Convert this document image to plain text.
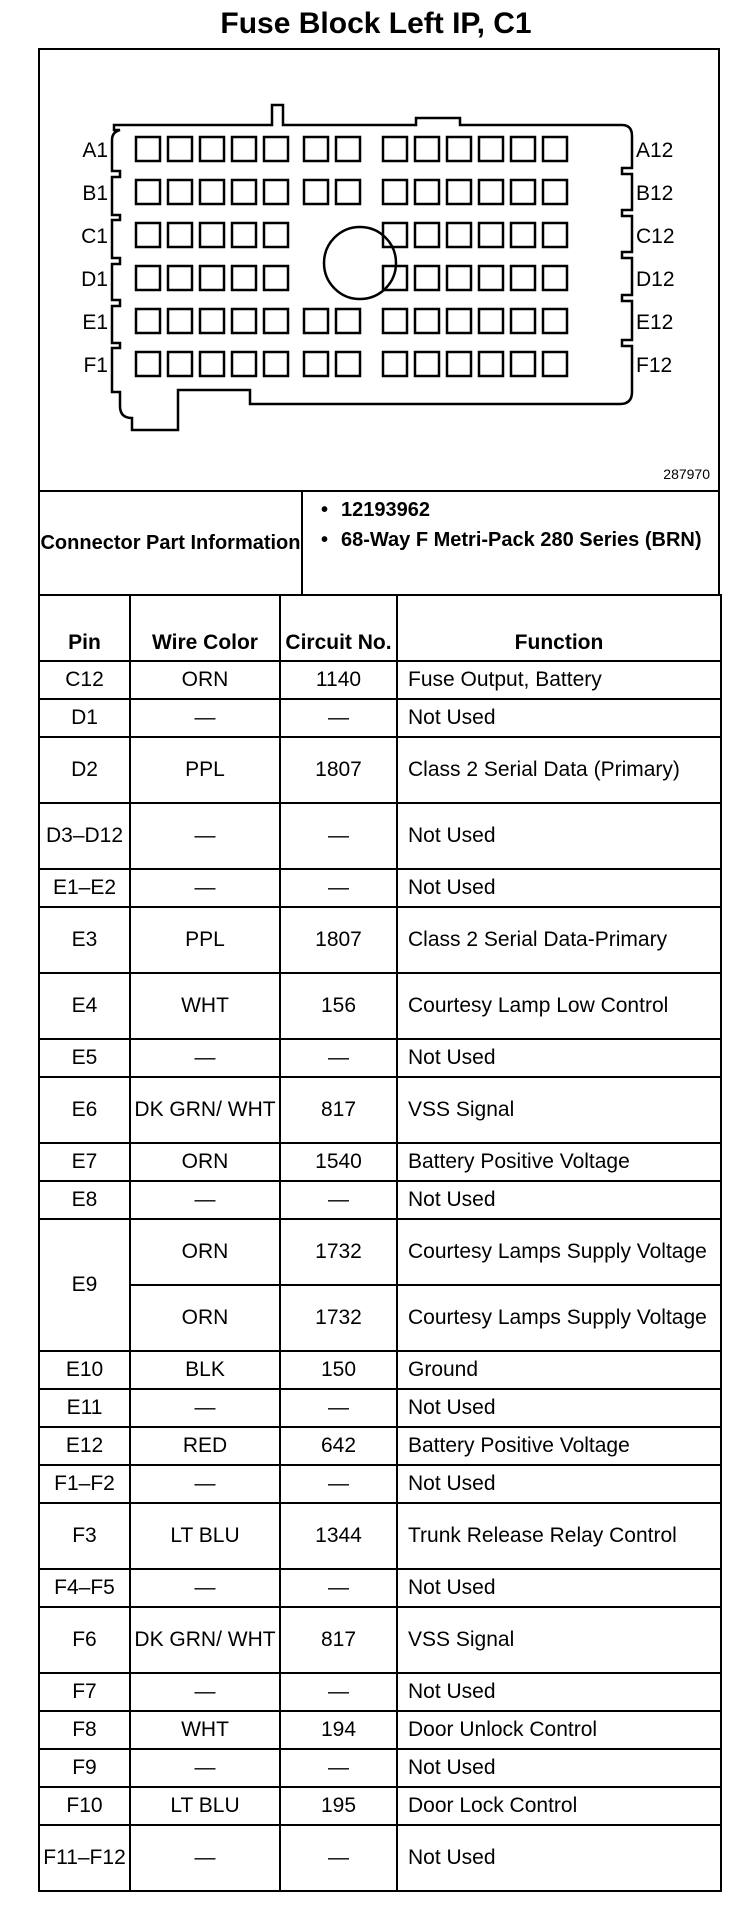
Fuse Block Left IP, C1
A1	A12
B1	B12
C1	C12
D1	D12
E1	E12
F1	F12
287970
Connector Part Information
• 12193962
• 68-Way F Metri-Pack 280 Series (BRN)
Pin	Wire Color	Circuit No.	Function
C12	ORN	1140	Fuse Output, Battery
D1	—	—	Not Used
D2	PPL	1807	Class 2 Serial Data (Primary)
D3–D12	—	—	Not Used
E1–E2	—	—	Not Used
E3	PPL	1807	Class 2 Serial Data-Primary
E4	WHT	156	Courtesy Lamp Low Control
E5	—	—	Not Used
E6	DK GRN/ WHT	817	VSS Signal
E7	ORN	1540	Battery Positive Voltage
E8	—	—	Not Used
E9	ORN	1732	Courtesy Lamps Supply Voltage
	ORN	1732	Courtesy Lamps Supply Voltage
E10	BLK	150	Ground
E11	—	—	Not Used
E12	RED	642	Battery Positive Voltage
F1–F2	—	—	Not Used
F3	LT BLU	1344	Trunk Release Relay Control
F4–F5	—	—	Not Used
F6	DK GRN/ WHT	817	VSS Signal
F7	—	—	Not Used
F8	WHT	194	Door Unlock Control
F9	—	—	Not Used
F10	LT BLU	195	Door Lock Control
F11–F12	—	—	Not Used
